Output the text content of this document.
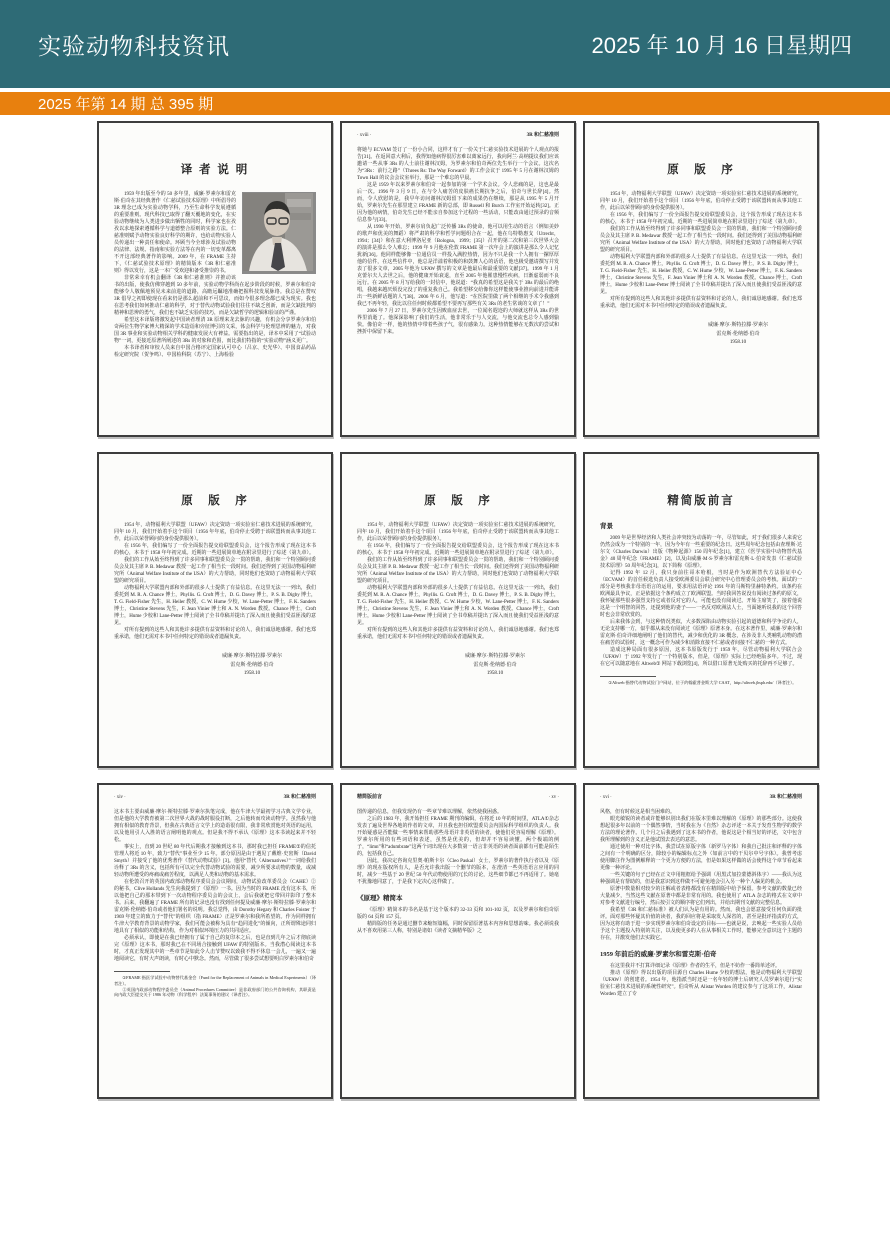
实验动物科技资讯	2025 年 10 月 16 日星期四
2025 年第 14 期 总 395 期
译 者 说 明

1959 年出版至今的 50 多年里，威廉·罗素尔和雷克斯·伯奇在其经典著作《仁慈试验技术原理》中所倡导的 3R 理念已成为实验动物学科，乃至生命科学发展遵循的重要准则。现代科技已取得了翻天覆地的变化，在实验动物继续为人类进步做出牺牲的同时，科学家也在孜孜以求地探索遵循科学与道德整合原则的实验方法。仁慈准则赋予动物实验良好科学的期许，也给动物实验人员传递出一种责任和使命。环顾当今全球涉及试验动物的法律、法规、指南和实验方法等在内的一切变革都离不开这部经典著作的影响。2009 年，在 FRAME 主持下，《仁慈试验技术原理》的精简版本《3R 和仁慈准则》得以发行，这是一本广受欢迎和备受推崇的书。

非常荣幸有机会翻译《3R 和仁慈准则》并推动该书的出版，使我仿佛穿越到 50 多年前，实验动物学科尚在起步阶段的时候，罗素尔和伯奇能够令人敬佩地预见未来前进的道路，高瞻远瞩地准确把握科技发展脉络。我总是在赞叹 3R 倡导之初即使现在看来仍是那么超前和不可思议，而如今很多理念都已成为现实。我也在思考我们如何推动仁慈的科学，对于替代动物试验我们往往不缺乏创新，而是欠缺批判的精神和思辨的勇气，我们也不缺乏实验的技巧，而是欠缺哲学的逻辑和验证的严谨。

希望这本译版将激发起中国读者理清 3R 原理来龙去脉的兴趣，有机会分享罗素尔和伯奇两位生物学家博大精深的学术造诣和旁征博引的文采，体会科学与伦理思辨的魅力，对我国 3R 事业和实验动物相关学科的健康发展大有裨益。需要指出的是，译本中采用了“试验动物”一词，更接近原著所阐述的 3Rs 的对象和范围，而比我们特指的“实验动物”涵义更广。

本书译者和审校人员来自中国合格评定国家认可中心（吕京、史光华）、中国食品药品检定研究院（贺争鸣）、中国检科院（苏宁）、上海检验

· xviii ·	3R 和仁慈准则

将她与 ECVAM 签订了一份小合同，这样才有了一份关于仁慈实验技术进展的个人观点的报告[31]。在返回意大利后，我得知他病得很厉害难以离家远行，我向阿兰·高纳提议我们应该邀请一些从事 3Rs 的人士前往谢林汉姆，为罗素尔和伯奇两位先生举行一个会议。这次名为“3Rs：前行之路”（Threes Rs: The Way Forward）的工作会议于 1995 年 5 月在谢林汉姆的 Town Hall 的议会会议室举行，那是一个难忘的早晨。

这是 1959 年以来罗素尔和伯奇一起参加的第一个学术会议。令人悲痛的是，这也是最后一次。1996 年 3 月 9 日，在与令人痛苦的皮肤癌长期抗争之后，伯奇与世长辞[4]。然而，令人欣慰的是，我早年访问谢林汉姆留下来的成果仍在继续，那是从 1995 年 5 月开始，罗素尔先生在那里建立 FRAME 新的总部，即 Russell 和 Burch 工作室开始运转[32]。正因为他的病情，伯奇先生已经不能亲自参加这个过程的一些活动，只能改由通过预录的音频信息参与[33]。

从 1990 年开始，罗素尔肩负起广泛传播 3Rs 的使命，他可以用生动的语言（例如美妙的歌声和优美的舞蹈）将严肃的科学和哲学问题组合在一起，他在乌特勒惠支（Utrecht，1994；[34]）和在意大利博洛尼亚（Bologna，1999；[35]）召开的第二次和第三次世界大会的演讲是那么令人难忘；1999 年 9 月他在伦敦 FRAME 第一次年会上的演讲是那么令人记忆犹新[36]。他同样能够像一位通信员一样投入满腔热情，因为不只是我一个人拥有一摞厚厚他的信件，在这些信件中，他总是洋溢着积极的和鼓舞人心的话语，他也极受邀请撰写并发表了很多文章，2005 年他为 UFAW 撰写的文章是他最后和最重要的文献[37]。1999 年 1 月克蕾尔夫人去世之后，他的健康开始衰退，直至 2005 年他罹患慢性疾病，日渐虚弱而不良远行。在 2005 年 8 月写给我的一封信中，他说道：“我真的希望这是我关于 3Rs 的最后的绝唱，我越来越厌烦没完没了的重复我自己。我希望移交给像你这样能使事业推向前进并能讲出一些新鲜话题的人”[38]。2006 年 6 月，他写道：“在医院里做了两个相继的手术令我感到我已不再年轻，我比以往任何时候都希望不要再写那些有关 3Rs 的老生常谈的文章了！”

2006 年 7 月 27 日，罗素尔先生因败血症去世，一位闻名遐迩的大师就这样从 3Rs 的世界里消逝了。他深深影响了我们的生活，他非常乐于与人交流，与他交流也总令人感到愉快。像伯奇一样，他的热情中带着些孩子气，很有感染力。这种热情能够在无数次的尝试和挫折中保留下来。

原　版　序

1954 年，动物福利大学联盟（UFAW）决定资助一项实验室仁慈技术进展的系统研究，同年 10 月，我们开始着手这个项目（1956 年年底，伯奇停止受聘于该联盟转而从事其他工作，此后以荣誉顾问的身份提供服务）。

在 1956 年，我们编写了一份全面报告提交给联盟委员会，这个报告形成了现在这本书的核心，本书于 1958 年年初完成。近期的一些进展简单地在附录里进行了综述（第九章）。

我们的工作从始至终得到了许多同事和联盟委员会一贯的帮助，我们和一个特别顾问委员会及其主席 P. B. Medawar 教授一起工作了相当长一段时间。我们还得到了美国动物福利研究所（Animal Welfare Institute of the USA）的大力帮助，同时他们也资助了动物福利大学联盟的研究项目。

动物福利大学联盟内部和外部的很多人士提供了有益信息。在这里无法一一列出，我们委托到 M. R. A. Chance 博士，Phyllis. G. Croft 博士，D. G. Davey 博士，P. S. B. Digby 博士，T. G. Field-Fisher 先生，H. Heiler 教授，C. W. Hume 少校，W. Lane-Petter 博士，F. K. Sanders 博士，Christine Stevens 先生，F. Jean Vinier 博士和 A. N. Worden 教授。Chance 博士，Croft 博士，Hume 少校和 Lane-Petter 博士阅读了全书草稿并提出了深入而且使我们受益匪浅的意见。

对所有提到的这些人和其他许多提供有益资料和讨论的人，我们诚恳地感谢。我们也郑重承诺，他们无需对本书中任何特定的错误或者遗漏负责。

威廉·摩尔·斯特拉滕·罗素尔
雷克斯·伦纳德·伯奇
1958.10
原　版　序

1954 年，动物福利大学联盟（UFAW）决定资助一项实验室仁慈技术进展的系统研究，同年 10 月，我们开始着手这个项目（1956 年年底，伯奇停止受聘于该联盟转而从事其他工作，此后以荣誉顾问的身份提供服务）。

在 1956 年，我们编写了一份全面报告提交给联盟委员会，这个报告形成了现在这本书的核心，本书于 1958 年年初完成。近期的一些进展简单地在附录里进行了综述（第九章）。

我们的工作从始至终得到了许多同事和联盟委员会一贯的帮助，我们和一个特别顾问委员会及其主席 P. B. Medawar 教授一起工作了相当长一段时间。我们还得到了美国动物福利研究所（Animal Welfare Institute of the USA）的大力帮助，同时他们也资助了动物福利大学联盟的研究项目。

动物福利大学联盟内部和外部的很多人士提供了有益信息。在这里无法一一列出，我们委托到 M. R. A. Chance 博士，Phyllis. G. Croft 博士，D. G. Davey 博士，P. S. B. Digby 博士，T. G. Field-Fisher 先生，H. Heiler 教授，C. W. Hume 少校，W. Lane-Petter 博士，F. K. Sanders 博士，Christine Stevens 先生，F. Jean Vinier 博士和 A. N. Worden 教授。Chance 博士，Croft 博士，Hume 少校和 Lane-Petter 博士阅读了全书草稿并提出了深入而且使我们受益匪浅的意见。

对所有提到的这些人和其他许多提供有益资料和讨论的人，我们诚恳地感谢。我们也郑重承诺，他们无需对本书中任何特定的错误或者遗漏负责。

威廉·摩尔·斯特拉滕·罗素尔
雷克斯·伦纳德·伯奇
1958.10
原　版　序

1954 年，动物福利大学联盟（UFAW）决定资助一项实验室仁慈技术进展的系统研究，同年 10 月，我们开始着手这个项目（1956 年年底，伯奇停止受聘于该联盟转而从事其他工作，此后以荣誉顾问的身份提供服务）。

在 1956 年，我们编写了一份全面报告提交给联盟委员会，这个报告形成了现在这本书的核心，本书于 1958 年年初完成。近期的一些进展简单地在附录里进行了综述（第九章）。

我们的工作从始至终得到了许多同事和联盟委员会一贯的帮助，我们和一个特别顾问委员会及其主席 P. B. Medawar 教授一起工作了相当长一段时间。我们还得到了美国动物福利研究所（Animal Welfare Institute of the USA）的大力帮助，同时他们也资助了动物福利大学联盟的研究项目。

动物福利大学联盟内部和外部的很多人士提供了有益信息。在这里无法一一列出，我们委托到 M. R. A. Chance 博士，Phyllis. G. Croft 博士，D. G. Davey 博士，P. S. B. Digby 博士，T. G. Field-Fisher 先生，H. Heiler 教授，C. W. Hume 少校，W. Lane-Petter 博士，F. K. Sanders 博士，Christine Stevens 先生，F. Jean Vinier 博士和 A. N. Worden 教授。Chance 博士，Croft 博士，Hume 少校和 Lane-Petter 博士阅读了全书草稿并提出了深入而且使我们受益匪浅的意见。

对所有提到的这些人和其他许多提供有益资料和讨论的人，我们诚恳地感谢。我们也郑重承诺，他们无需对本书中任何特定的错误或者遗漏负责。

威廉·摩尔·斯特拉滕·罗素尔
雷克斯·伦纳德·伯奇
1958.10
精简版前言
背景

2009 年是世界经济和人类社会冲突较为动荡的一年，尽管如此，对于我们很多人来说它仍然会成为一个特别的一年，因为今年有一些重要的纪念日。这些周年纪念包括由查理斯·达尔文（Charles Darwin）出版《物种起源》150 周年纪念[1]，建立《医学实验中动物替代基金》40 周年纪念（FRAME）[2]，以及由威廉·M·S·罗素尔和雷克斯·L·伯奇发表《仁慈试验技术原理》50 周年纪念[3]，以下简称《原理》。

记得 1992 年 12 月，我只身前往哥本哈根，当时是作为欧洲替代方法验证中心（ECVAM）的首任候选负责人接受欧洲委员会联合研究中心管理委员会的考核。面试的一部分是考核我非母语语言的运用，要求用法语评论 1991 年的马斯特里赫特条约。该条约在欧洲最具争议，正是依据这个条约成立了欧洲联盟。当时我回答说没有阅读过条约的原文，我怀疑那些很多强烈支持它或者反对它的人，可能也没有阅读过。开始主席笑了，接着他说这是一个明智的回答，还提到他的妻子——一名反对欧洲法人士，当面她听说我的这个回答时也会非常欣赏的。

后来我体会到，与这种情况类似，大多数深陷由动物实验引起的道德和科学争论的人，无论支持哪一方，似乎都从来没有阅读过《原理》原著本身。在这本著作里，威廉·罗素尔和雷克斯·伯奇详细地阐明了他们的替代，减少和优化的 3R 概念，在涉及非人类哺乳动物的潜在痛苦的试验时，这一概念可作为减少和消除直接不仁慈或者间接不仁慈的一种方式。

造成这种局面有很多原因，这本书原版发行于 1959 年，尽管动物福利大学联合会（UFAW）于 1992 年发行了一个特别版本，但是，《原理》实际上已经绝版多年。不过，现在它可以随意地在 Altweb① 网站下载浏览[4]，所以借口原著无处购买的托辞再不足够了。

①Altweb 指替代动物试验门户网站，位于约翰霍普金斯大学 CAAT，http://altweb.jhsph.edu/（译者注）。

· xiv ·	3R 和仁慈准则

这本书主要由威廉·摩尔·斯特拉滕·罗素尔执笔完成，他在牛津大学最初学习古典文学专业，但是他的大学教育被第二次世界大战的战时服役打断，之后他转而攻读动物学。虽然我与他拥有相似的教育背景，但我在古典语言文学上的造诣很有限，我非常欣赏他对英语的运用，以及他用引人入胜的语言阐明他的观点。但是我不得不承认《原理》这本书读起来并不轻松。

事实上，直到 20 世纪 80 年代后期我才接触到这本书，那时我已担任 FRAME①的信托管理人将近 10 年，致力“替代”事业至少 15 年。部分原因是由于遇见了戴维·史密斯（David Smyth）并接受了他的优秀著作《替代动物试验》[3]。他用“替代（Alternatives）”一词给我们诠释了 3Rs 的含义，包括所有可以完全代替动物试验的需要，减少所要求动物的数量，或减轻动物所遭受的疼痛或痛苦程度，以满足人类和动物的基本需求。

在伦敦召开的英国内政部动物程序委员会会议期间，动物试验改革委员会（CAHE）②的秘书，Clive Hollands 先生向我提到了《原理》一书。因为当时的 FRAME 没有这本书，所以他把自己的那本带到下一次动物程序委员会的会议上，会后我就把它带回并影印了整本书。后来，我翻遍了 FRAME 所有的记录也没有找到任何提及威廉·摩尔·斯特拉滕·罗素尔和雷克斯·伦纳德·伯奇或者他们署名的说明。我总觉得，由 Dorothy Hegary 和 Charles Foister 于 1969 年建立的致力于“替代”的组织（指 FRAME）正是罗素尔和我所希望的。作为同样拥有牛津大学教育背景的动物学家，我们可能会被称为具有“趋同进化”的倾向，正所谓殊途同归地具有了相似的功能和结构，作为对相似环境压力的共同适应。

必须承认，即使是在我已经拥有了属于自己的复印本之后，也是直到几年之后才彻底读完《原理》这本书，那时我已在不同场合接触到 UFAW 的特别版本。当我潜心阅读这本书时，才真正发现其中的一些章节是如此令人击节赞叹以致我不得不休息一会儿，一遍又一遍地阅读它，有时大声朗读，有时心中默念。然而，尽管做了很多尝试想要明白罗素尔和伯奇

①FRAME 指医学试验中动物替代基金会（Fund for the Replacement of Animals in Medical Experiments）（译者注）。

②英国内政部动物程序委员会（Animal Procedures Committee）是非政府部门的公共咨询机构，其职责是向内政大臣提交关于 1986 年动物（科学程序）法案事务的建议（译者注）。

精简版前言	· xv ·

图传递的信息，但我发现仍有一些章节难以理解，依然使我困惑。

之后的 1983 年，我开始担任 FRAME 期刊的编辑，在将近 10 年的时间里，ATLA①杂志发表了遍及世界各地的作者的文章，并且我也担任欧盟委员会内国际科学组织的负责人。我开始疑惑是否能做一些事情来帮助那些母语并非英语的读者，使他们更容易理解《原理》。罗素尔所用的有些词语和表述，虽然是优美的，但却并不容易读懂。两个极端的例子，“limn”和“adumbrate”这两个词出现在大多数第一语言非英语的读者面前都有可能是陌生的，包括我自己。

因此，我决定咨询克里奥·帕斯卡尔（Cleo Paskal）女士，罗素尔的著作执行者以及《原理》的现在版权所有人，是否允许我出版一个删节的版本，在澄清一些英语语言应用的同时，减少一些基于 20 世纪 50 年代动物使用的冗长的讨论，这些细节都已不再适用了。她毫不犹豫地同意了，于是我下定决心这样做了。

《原理》精简本

《原理》精简本的书名是基于这个版本的 32-33 页和 101-102 页，以及罗素尔和伯奇原版的 64 页和 157 页。

精简版的任务是通过删节来缩短篇幅，同时保留原著基本内容和思想韵味。我必须说我从不喜欢用第三人称，特别是诸如《读者文摘精华版》之

· xvi ·	3R 和仁慈准则

风格，但有时候这是相当困难的。

眼光敏锐的读者或许能够识别出我们在版本里难以理解的《原理》的那些部分。这使我想起很多年以前的一个偶然事情，当时我在为《自然》杂志评述一本关于发育生物学的数学方法的理论著作。几个月之后我遇到了这本书的作者，他说这是个相当好的评述，文中包含我所理解到的含义正是他试图去表达的意思。

通过使用一种对比字体，我尝试在原版字体（新罗马字体）和我自己批注和评释的字体之间有一个明确的区分，除较小的编辑标点之外（如前言中的干贝尔中号字体）。我曾考虑使用脚注作为图例解释的一个更为方便的方法，但是如果这样做的话会使得这个章节看起来更像一种评论。

一些关键的句子已经在正文中用粗框给予强调（用黑式加拉蒙德斜体字）——我认为这种强调是有帮助的，但是我意识到这样做不可避免地会引入另一种个人偏见的机会。

原著中数量相对较少的注解或者表格都没有在精简版中给予保留。参考文献的数量已经大量减少，当然这些文献在原著中都是非常有用的。我也使用了 ATLA 杂志的格式在文章中对参考文献进行编号，然后按引文的顺序将它们列出，并给出期刊文献的完整信息。

我希望《3R 和仁慈标准》被人们认为是有用的。然而，我也会愿意接受任何负面的批评。面对那些怀疑其价值的读者，我的回应将是采取发人深省的，甚至是批评指责的方式，因为这将有助于进一步实现罗素尔和伯奇设定的目标——也就是说，去唤起一些实验人员给予这个主题投入特别的关注，以及使更多的人在从事相关工作时，能够完全意识这个主题的存在，并激发他们去实践它。

1959 年前后的威廉·罗素尔和雷克斯·伯奇

在这里我并不打算详细记录《原理》作者的生平，但是不妨作一番简单述评。

推动《原理》得以出版的项目源自 Charles Hume 少校的想法，他是动物福利大学联盟（UFAW）的创建者。1954 年，他指派当时还是一名年轻的博士后研究人员罗素尔进行“实验室仁慈技术进展的系统性研究”。伯奇听从 Alistar Worden 的建议参与了这项工作，Alistar Worden 建立了专
